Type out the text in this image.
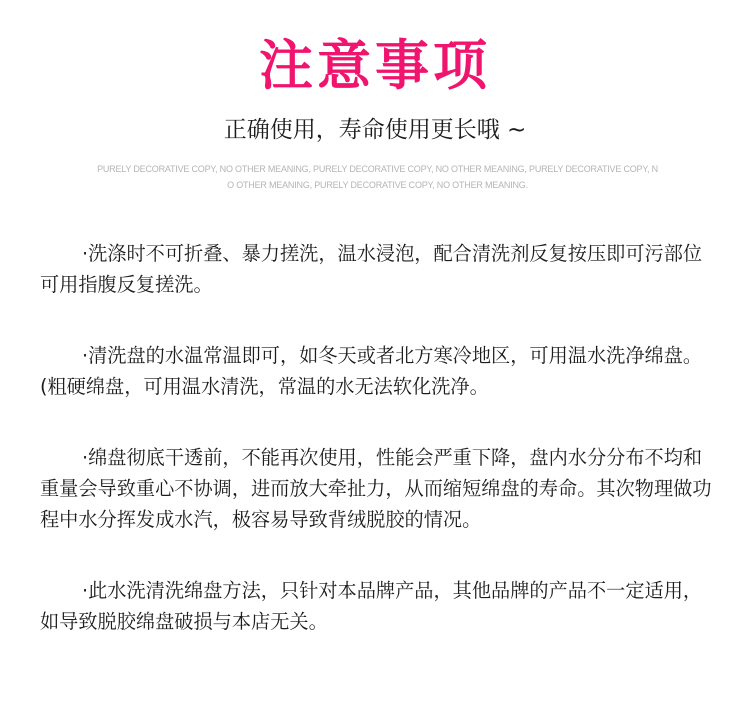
注意事项
正确使用，寿命使用更长哦 ~
PURELY DECORATIVE COPY, NO OTHER MEANING, PURELY DECORATIVE COPY, NO OTHER MEANING, PURELY DECORATIVE COPY, NO OTHER MEANING, PURELY DECORATIVE COPY, NO OTHER MEANING.

·洗涤时不可折叠、暴力搓洗，温水浸泡，配合清洗剂反复按压即可污部位可用指腹反复搓洗。

·清洗盘的水温常温即可，如冬天或者北方寒冷地区，可用温水洗净绵盘。(粗硬绵盘，可用温水清洗，常温的水无法软化洗净。

·绵盘彻底干透前，不能再次使用，性能会严重下降，盘内水分分布不均和重量会导致重心不协调，进而放大牵扯力，从而缩短绵盘的寿命。其次物理做功程中水分挥发成水汽，极容易导致背绒脱胶的情况。

·此水洗清洗绵盘方法，只针对本品牌产品，其他品牌的产品不一定适用，如导致脱胶绵盘破损与本店无关。
